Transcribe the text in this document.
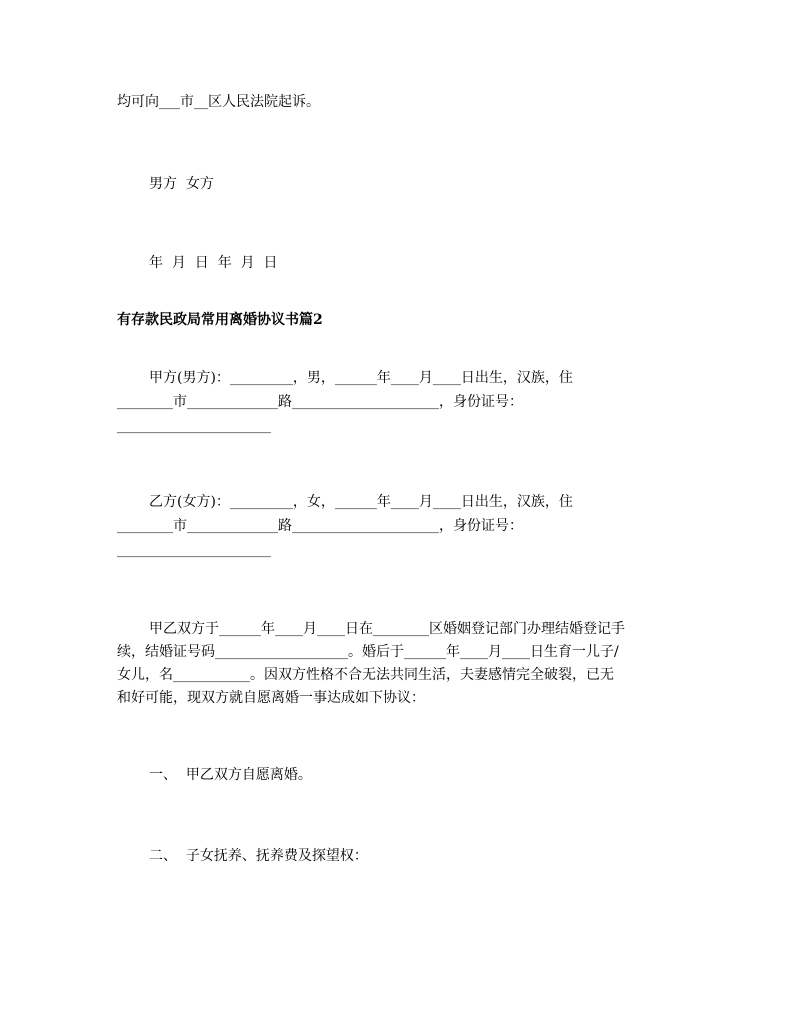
均可向___市__区人民法院起诉。
男方  女方
年  月  日  年  月  日
有存款民政局常用离婚协议书篇2
甲方(男方)：_________，男，______年____月____日出生，汉族，住
________市_____________路_____________________，身份证号：
______________________
乙方(女方)：_________，女，______年____月____日出生，汉族，住
________市_____________路_____________________，身份证号：
______________________
甲乙双方于______年____月____日在________区婚姻登记部门办理结婚登记手
续，结婚证号码___________________。婚后于______年____月____日生育一儿子/
女儿，名___________。因双方性格不合无法共同生活，夫妻感情完全破裂，已无
和好可能，现双方就自愿离婚一事达成如下协议：
一、  甲乙双方自愿离婚。
二、  子女抚养、抚养费及探望权：
